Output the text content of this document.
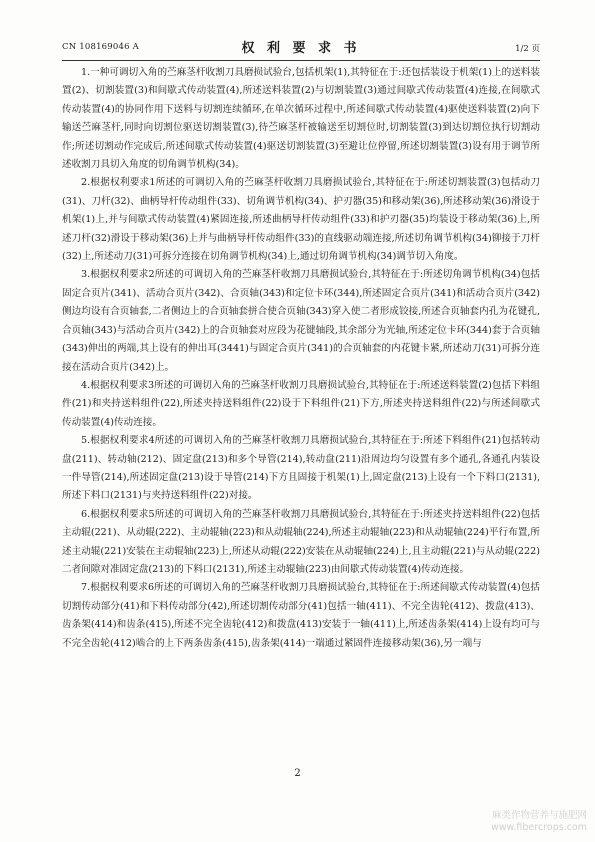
CN 108169046 A	权 利 要 求 书	1/2 页

1.一种可调切入角的苎麻茎杆收割刀具磨损试验台,包括机架(1),其特征在于:还包括装设于机架(1)上的送料装置(2)、切割装置(3)和间歇式传动装置(4),所述送料装置(2)与切割装置(3)通过间歇式传动装置(4)连接,在间歇式传动装置(4)的协同作用下送料与切割连续循环,在单次循环过程中,所述间歇式传动装置(4)驱使送料装置(2)向下输送苎麻茎杆,同时向切割位驱送切割装置(3),待苎麻茎杆被输送至切割位时,切割装置(3)到达切割位执行切割动作;所述切割动作完成后,所述间歇式传动装置(4)驱送切割装置(3)至避让位停留,所述切割装置(3)设有用于调节所述收割刀具切入角度的切角调节机构(34)。

2.根据权利要求1所述的可调切入角的苎麻茎杆收割刀具磨损试验台,其特征在于:所述切割装置(3)包括动刀(31)、刀杆(32)、曲柄导杆传动组件(33)、切角调节机构(34)、护刃器(35)和移动架(36),所述移动架(36)滑设于机架(1)上,并与间歇式传动装置(4)紧固连接,所述曲柄导杆传动组件(33)和护刃器(35)均装设于移动架(36)上,所述刀杆(32)滑设于移动架(36)上并与曲柄导杆传动组件(33)的直线驱动端连接,所述切角调节机构(34)铆接于刀杆(32)上,所述动刀(31)可拆分连接在切角调节机构(34)上,通过切角调节机构(34)调节切入角度。

3.根据权利要求2所述的可调切入角的苎麻茎杆收割刀具磨损试验台,其特征在于:所述切角调节机构(34)包括固定合页片(341)、活动合页片(342)、合页轴(343)和定位卡环(344),所述固定合页片(341)和活动合页片(342)侧边均设有合页轴套,二者侧边上的合页轴套拼合使合页轴(343)穿入使二者形成铰接,所述合页轴套内孔为花键孔,合页轴(343)与活动合页片(342)上的合页轴套对应段为花键轴段,其余部分为光轴,所述定位卡环(344)套于合页轴(343)伸出的两端,其上设有的伸出耳(3441)与固定合页片(341)的合页轴套的内花键卡紧,所述动刀(31)可拆分连接在活动合页片(342)上。

4.根据权利要求3所述的可调切入角的苎麻茎杆收割刀具磨损试验台,其特征在于:所述送料装置(2)包括下料组件(21)和夹持送料组件(22),所述夹持送料组件(22)设于下料组件(21)下方,所述夹持送料组件(22)与所述间歇式传动装置(4)传动连接。

5.根据权利要求4所述的可调切入角的苎麻茎杆收割刀具磨损试验台,其特征在于:所述下料组件(21)包括转动盘(211)、转动轴(212)、固定盘(213)和多个导管(214),转动盘(211)沿周边均匀设置有多个通孔,各通孔内装设一件导管(214),所述固定盘(213)设于导管(214)下方且固接于机架(1)上,固定盘(213)上设有一个下料口(2131),所述下料口(2131)与夹持送料组件(22)对接。

6.根据权利要求5所述的可调切入角的苎麻茎杆收割刀具磨损试验台,其特征在于:所述夹持送料组件(22)包括主动辊(221)、从动辊(222)、主动辊轴(223)和从动辊轴(224),所述主动辊轴(223)和从动辊轴(224)平行布置,所述主动辊(221)安装在主动辊轴(223)上,所述从动辊(222)安装在从动辊轴(224)上,且主动辊(221)与从动辊(222)二者间隙对准固定盘(213)的下料口(2131),所述主动辊轴(223)由间歇式传动装置(4)传动连接。

7.根据权利要求6所述的可调切入角的苎麻茎杆收割刀具磨损试验台,其特征在于:所述间歇式传动装置(4)包括切割传动部分(41)和下料传动部分(42),所述切割传动部分(41)包括一轴(411)、不完全齿轮(412)、拨盘(413)、齿条架(414)和齿条(415),所述不完全齿轮(412)和拨盘(413)安装于一轴(411)上,所述齿条架(414)上设有均可与不完全齿轮(412)啮合的上下两条齿条(415),齿条架(414)一端通过紧固件连接移动架(36),另一端与

2
麻类作物营养与施肥网
www.fibercrops.com
